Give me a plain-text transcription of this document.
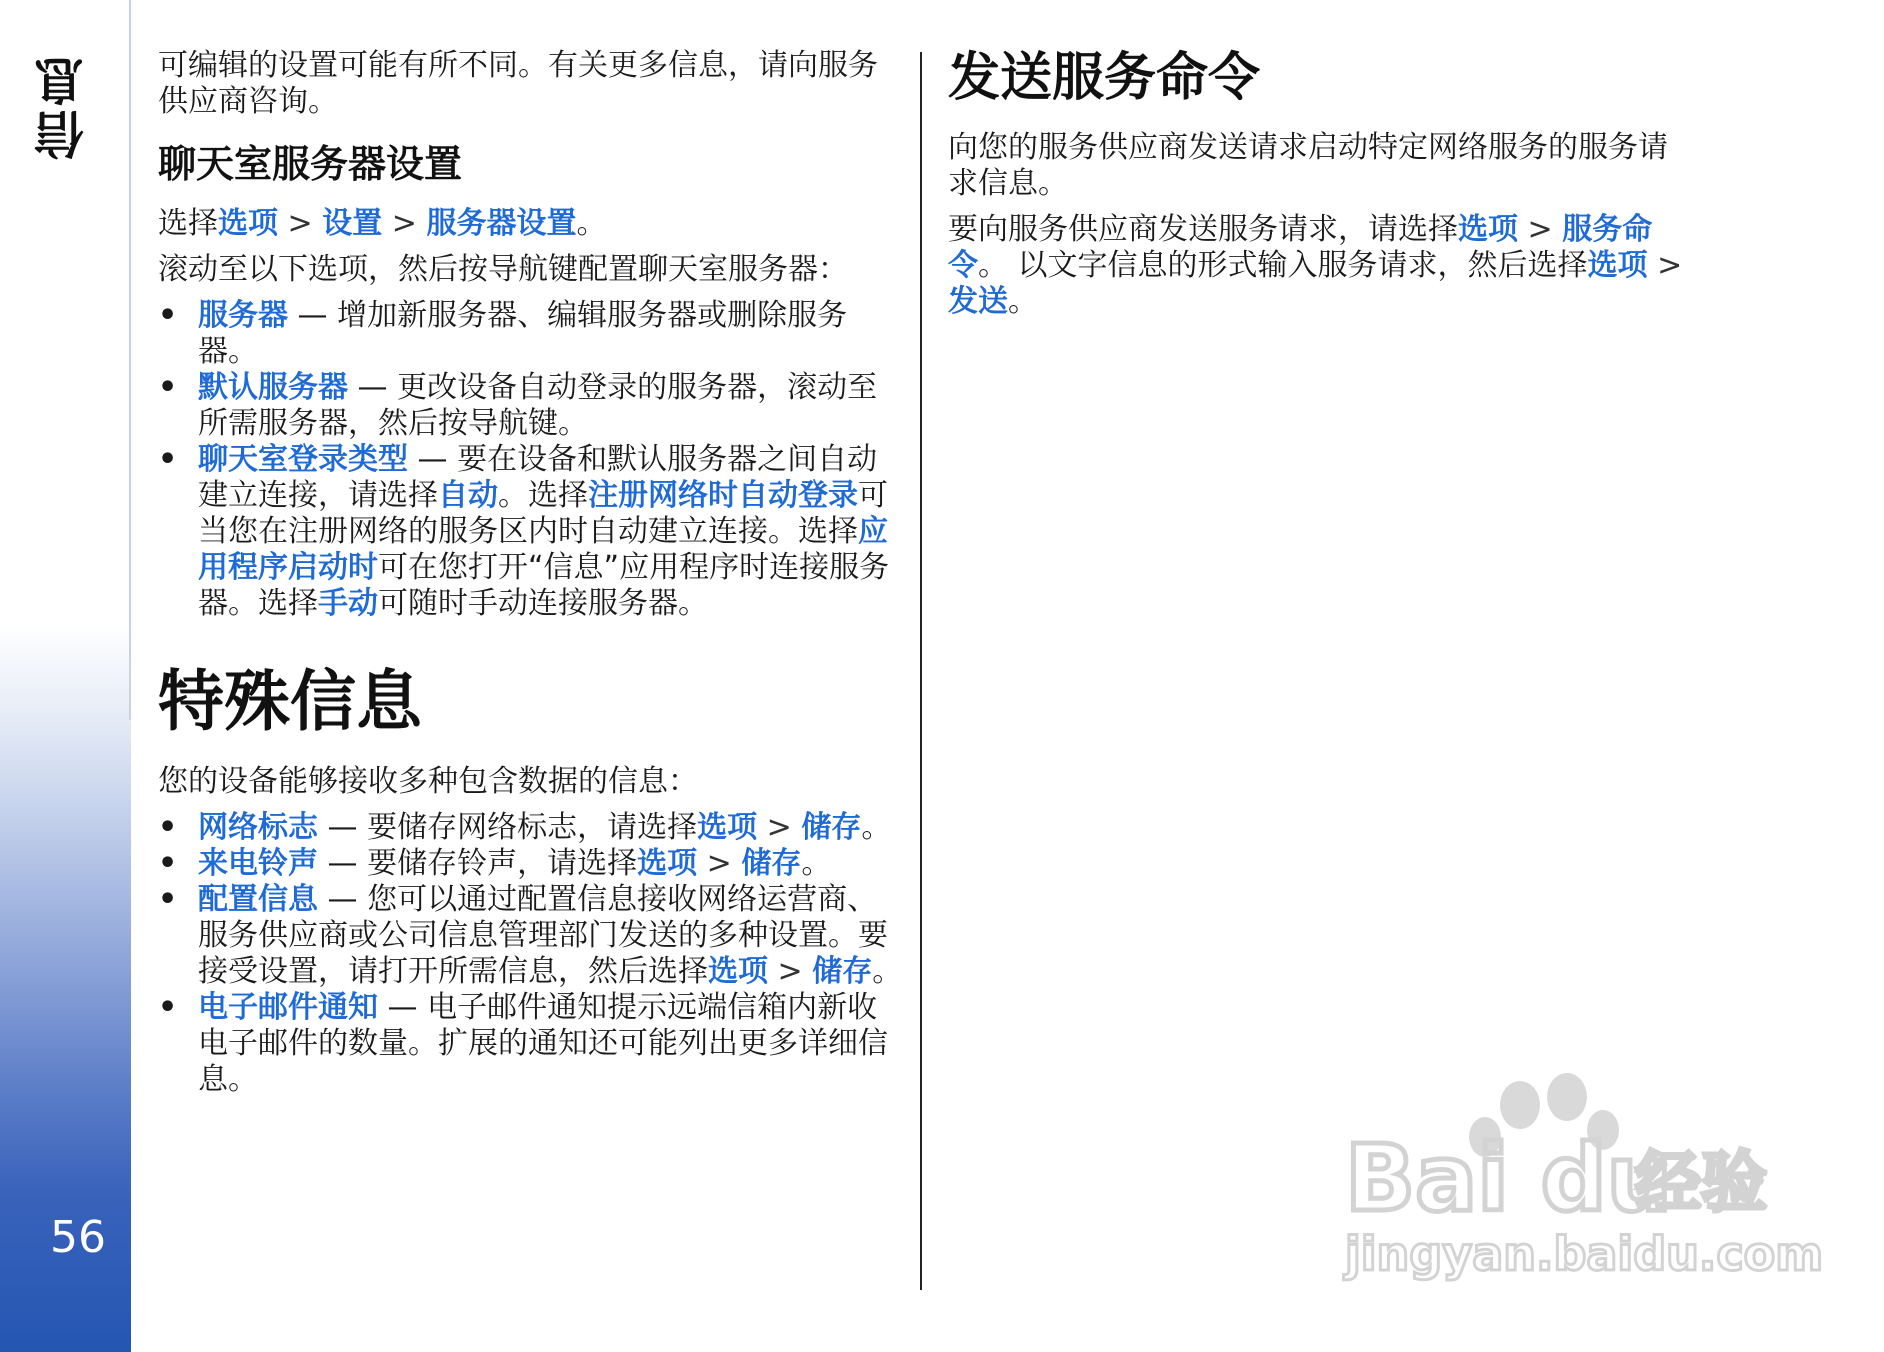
信息
56

可编辑的设置可能有所不同。有关更多信息，请向服务供应商咨询。

聊天室服务器设置

选择选项 > 设置 > 服务器设置。

滚动至以下选项，然后按导航键配置聊天室服务器：

• 服务器 — 增加新服务器、编辑服务器或删除服务器。
• 默认服务器 — 更改设备自动登录的服务器，滚动至所需服务器，然后按导航键。
• 聊天室登录类型 — 要在设备和默认服务器之间自动建立连接，请选择自动。选择注册网络时自动登录可当您在注册网络的服务区内时自动建立连接。选择应用程序启动时可在您打开“信息”应用程序时连接服务器。选择手动可随时手动连接服务器。
特殊信息

您的设备能够接收多种包含数据的信息：

• 网络标志 — 要储存网络标志，请选择选项 > 储存。
• 来电铃声 — 要储存铃声，请选择选项 > 储存。
• 配置信息 — 您可以通过配置信息接收网络运营商、服务供应商或公司信息管理部门发送的多种设置。要接受设置，请打开所需信息，然后选择选项 > 储存。
• 电子邮件通知 — 电子邮件通知提示远端信箱内新收电子邮件的数量。扩展的通知还可能列出更多详细信息。
发送服务命令

向您的服务供应商发送请求启动特定网络服务的服务请求信息。

要向服务供应商发送服务请求，请选择选项 > 服务命令。 以文字信息的形式输入服务请求，然后选择选项 > 发送。

Bai du
经验
jingyan.baidu.com
